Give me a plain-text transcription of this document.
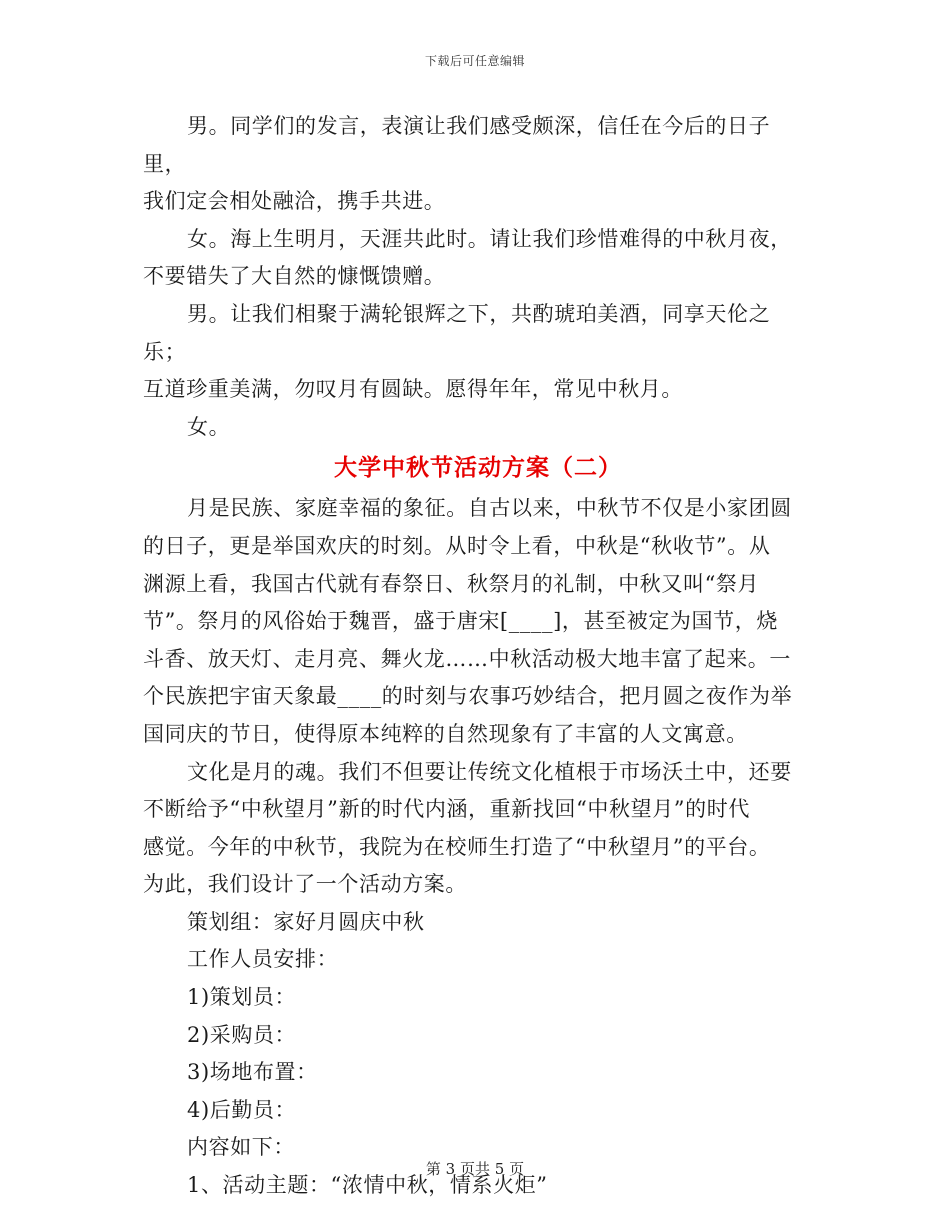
下载后可任意编辑

男。同学们的发言，表演让我们感受颇深，信任在今后的日子里，
我们定会相处融洽，携手共进。

女。海上生明月，天涯共此时。请让我们珍惜难得的中秋月夜，
不要错失了大自然的慷慨馈赠。

男。让我们相聚于满轮银辉之下，共酌琥珀美酒，同享天伦之乐；
互道珍重美满，勿叹月有圆缺。愿得年年，常见中秋月。

女。

大学中秋节活动方案（二）

月是民族、家庭幸福的象征。自古以来，中秋节不仅是小家团圆
的日子，更是举国欢庆的时刻。从时令上看，中秋是“秋收节”。从
渊源上看，我国古代就有春祭日、秋祭月的礼制，中秋又叫“祭月
节”。祭月的风俗始于魏晋，盛于唐宋[____]，甚至被定为国节，烧
斗香、放天灯、走月亮、舞火龙……中秋活动极大地丰富了起来。一
个民族把宇宙天象最____的时刻与农事巧妙结合，把月圆之夜作为举
国同庆的节日，使得原本纯粹的自然现象有了丰富的人文寓意。

文化是月的魂。我们不但要让传统文化植根于市场沃土中，还要
不断给予“中秋望月”新的时代内涵，重新找回“中秋望月”的时代
感觉。今年的中秋节，我院为在校师生打造了“中秋望月”的平台。
为此，我们设计了一个活动方案。

策划组：家好月圆庆中秋

工作人员安排：

1)策划员：

2)采购员：

3)场地布置：

4)后勤员：

内容如下：

1、活动主题：“浓情中秋，情系火炬”

第 3 页共 5 页
